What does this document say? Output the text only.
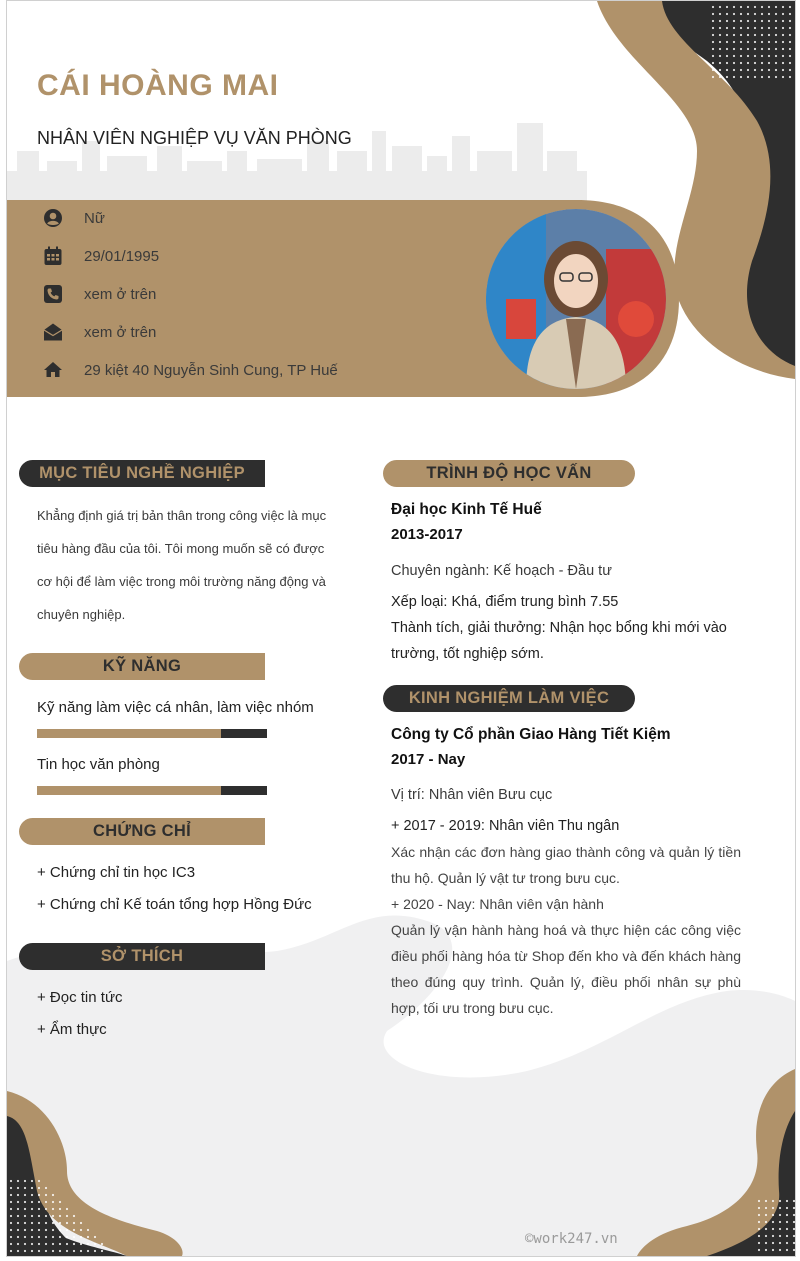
CÁI HOÀNG MAI

NHÂN VIÊN NGHIỆP VỤ VĂN PHÒNG

Nữ
29/01/1995
xem ở trên
xem ở trên
29 kiệt 40 Nguyễn Sinh Cung, TP Huế
MỤC TIÊU NGHỀ NGHIỆP
Khẳng định giá trị bản thân trong công việc là mục tiêu hàng đầu của tôi. Tôi mong muốn sẽ có được cơ hội để làm việc trong môi trường năng động và chuyên nghiệp.
KỸ NĂNG
Kỹ năng làm việc cá nhân, làm việc nhóm
Tin học văn phòng
CHỨNG CHỈ
+ Chứng chỉ tin học IC3
+ Chứng chỉ Kế toán tổng hợp Hồng Đức
SỞ THÍCH
+ Đọc tin tức
+ Ẩm thực
TRÌNH ĐỘ HỌC VẤN
Đại học Kinh Tế Huế
2013-2017
Chuyên ngành: Kế hoạch - Đầu tư
Xếp loại: Khá, điểm trung bình 7.55
Thành tích, giải thưởng: Nhận học bổng khi mới vào trường, tốt nghiệp sớm.
KINH NGHIỆM LÀM VIỆC
Công ty Cổ phần Giao Hàng Tiết Kiệm
2017 - Nay
Vị trí: Nhân viên Bưu cục
+ 2017 - 2019: Nhân viên Thu ngân
Xác nhận các đơn hàng giao thành công và quản lý tiền thu hộ. Quản lý vật tư trong bưu cục.
+ 2020 - Nay: Nhân viên vận hành
Quản lý vận hành hàng hoá và thực hiện các công việc điều phối hàng hóa từ Shop đến kho và đến khách hàng theo đúng quy trình. Quản lý, điều phối nhân sự phù hợp, tối ưu trong bưu cục.
©work247.vn
